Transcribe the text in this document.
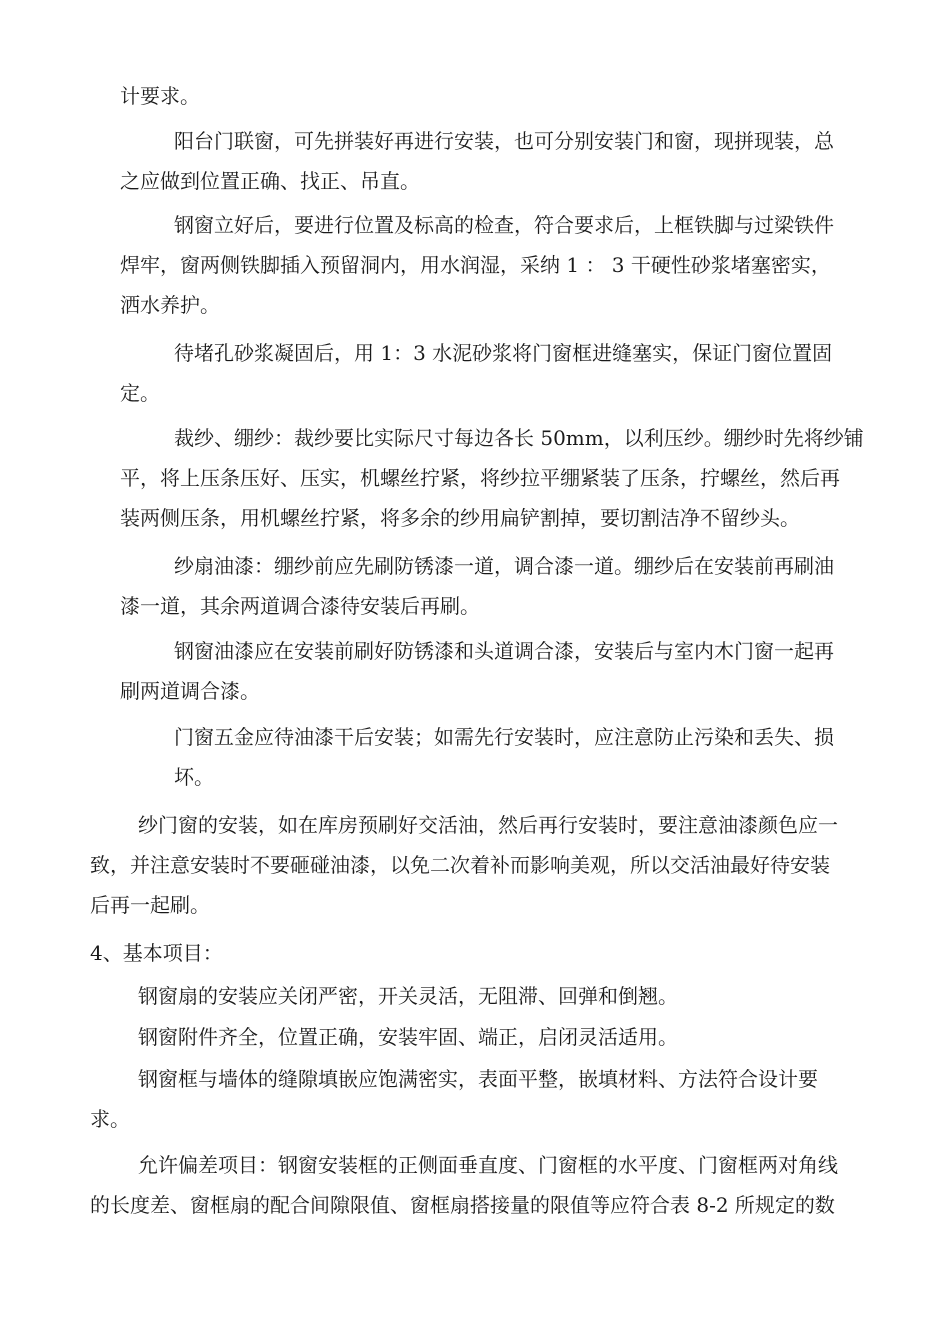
计要求。
阳台门联窗，可先拼装好再进行安装，也可分别安装门和窗，现拼现装，总
之应做到位置正确、找正、吊直。
钢窗立好后，要进行位置及标高的检查，符合要求后，上框铁脚与过梁铁件
焊牢，窗两侧铁脚插入预留洞内，用水润湿，采纳 1 ： 3 干硬性砂浆堵塞密实，
洒水养护。
待堵孔砂浆凝固后，用 1：3 水泥砂浆将门窗框进缝塞实，保证门窗位置固
定。
裁纱、绷纱：裁纱要比实际尺寸每边各长 50mm，以利压纱。绷纱时先将纱铺
平，将上压条压好、压实，机螺丝拧紧，将纱拉平绷紧装了压条，拧螺丝，然后再
装两侧压条，用机螺丝拧紧，将多余的纱用扁铲割掉，要切割洁净不留纱头。
纱扇油漆：绷纱前应先刷防锈漆一道，调合漆一道。绷纱后在安装前再刷油
漆一道，其余两道调合漆待安装后再刷。
钢窗油漆应在安装前刷好防锈漆和头道调合漆，安装后与室内木门窗一起再
刷两道调合漆。
门窗五金应待油漆干后安装；如需先行安装时，应注意防止污染和丢失、损
坏。
纱门窗的安装，如在库房预刷好交活油，然后再行安装时，要注意油漆颜色应一
致，并注意安装时不要砸碰油漆，以免二次着补而影响美观，所以交活油最好待安装
后再一起刷。
4、基本项目：
钢窗扇的安装应关闭严密，开关灵活，无阻滞、回弹和倒翘。
钢窗附件齐全，位置正确，安装牢固、端正，启闭灵活适用。
钢窗框与墙体的缝隙填嵌应饱满密实，表面平整，嵌填材料、方法符合设计要
求。
允许偏差项目：钢窗安装框的正侧面垂直度、门窗框的水平度、门窗框两对角线
的长度差、窗框扇的配合间隙限值、窗框扇搭接量的限值等应符合表 8-2 所规定的数
